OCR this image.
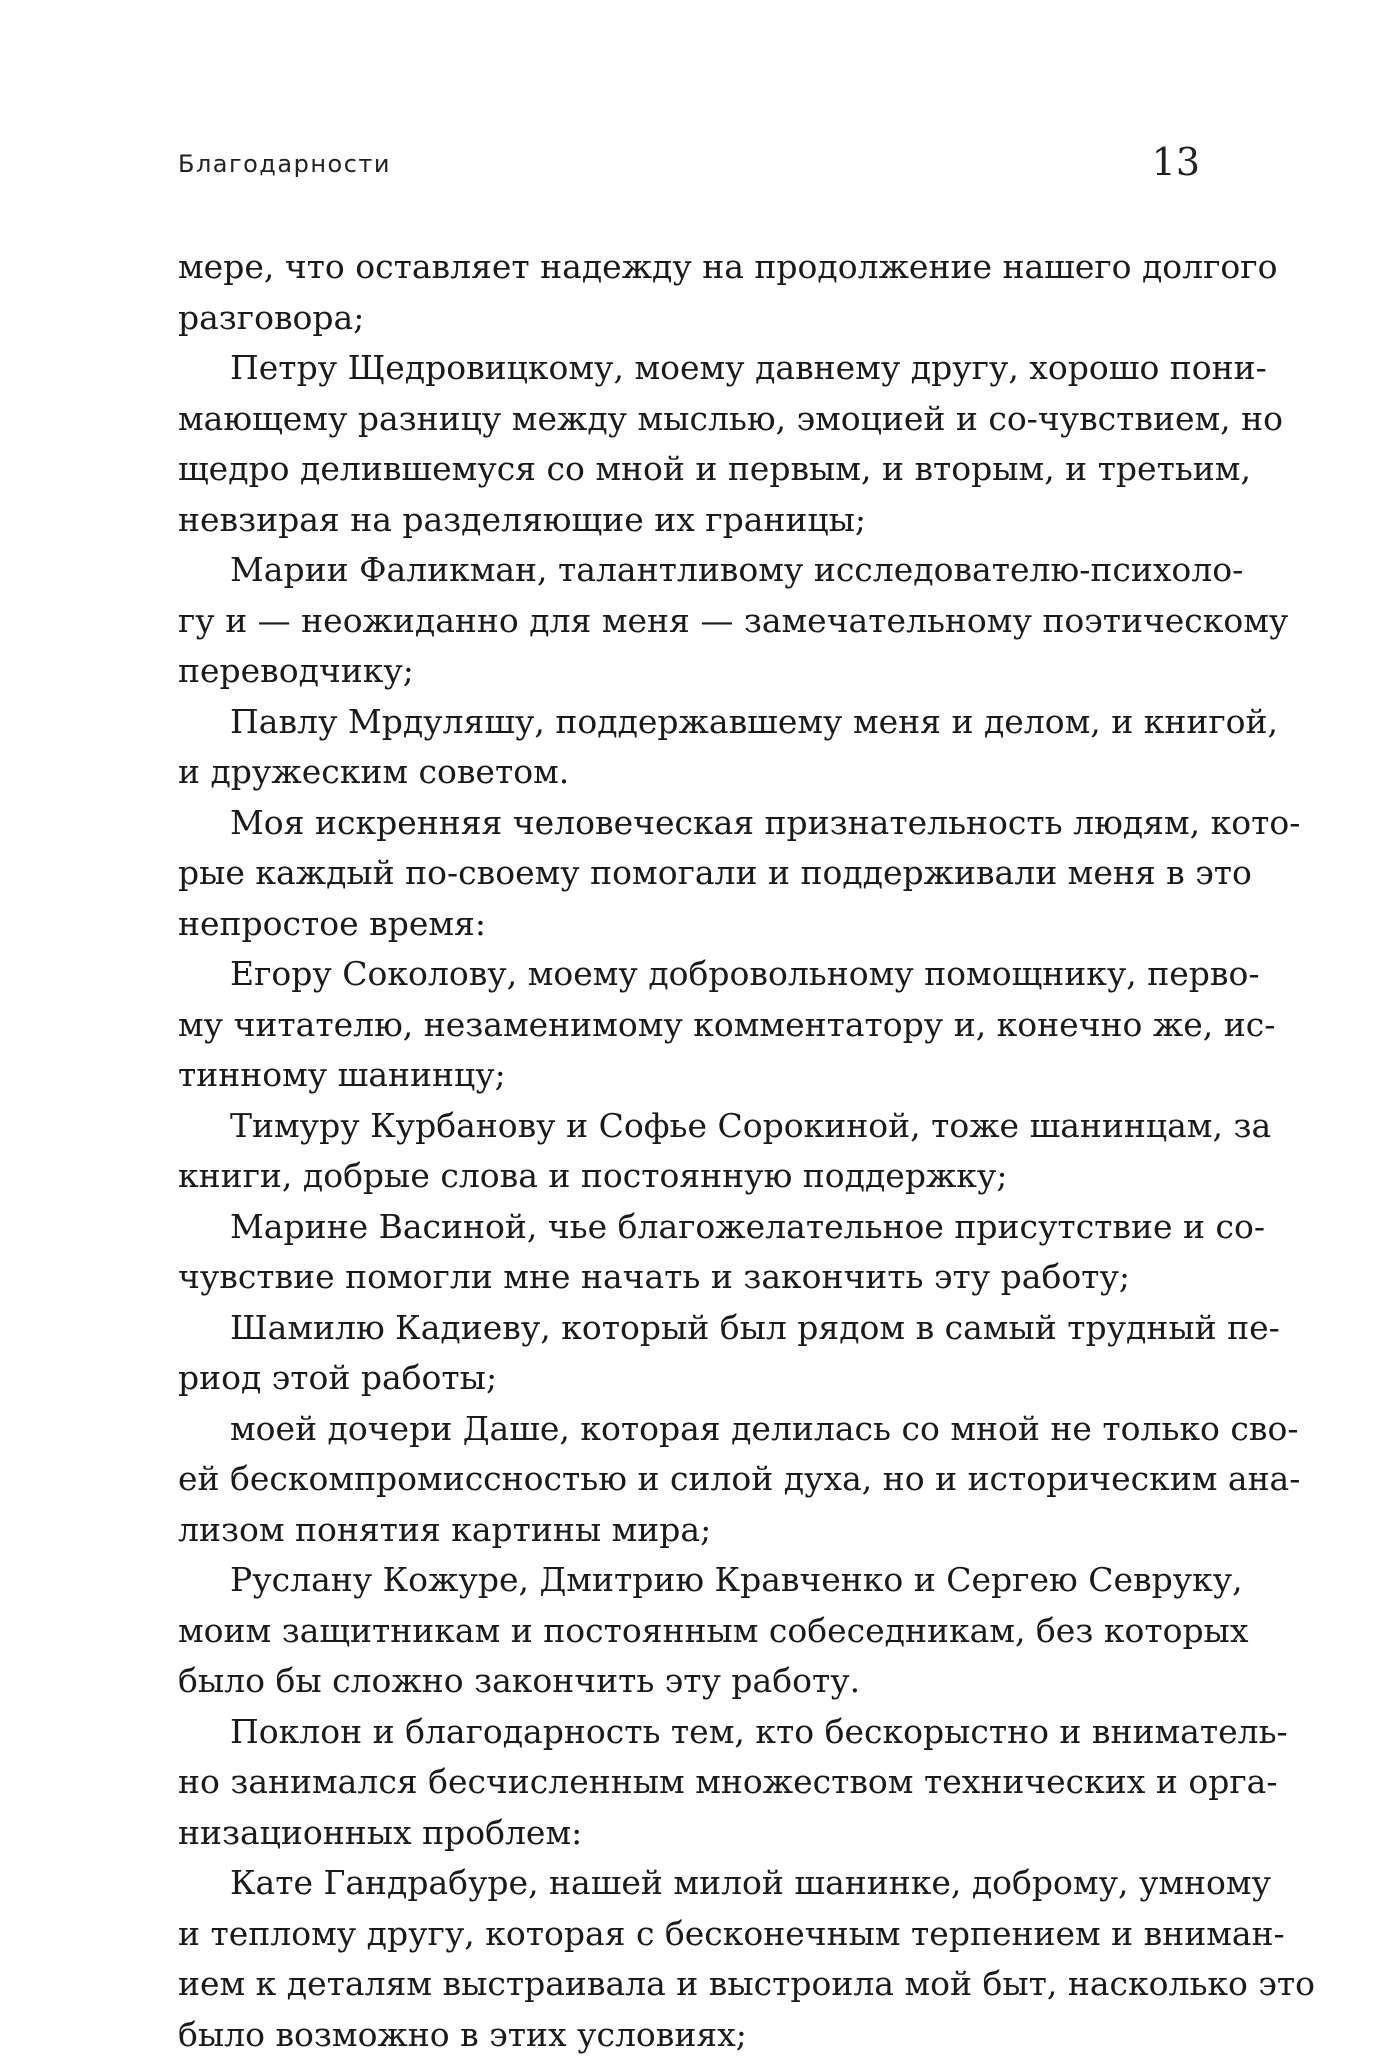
Благодарности	13
мере, что оставляет надежду на продолжение нашего долгого
разговора;
Петру Щедровицкому, моему давнему другу, хорошо пони-
мающему разницу между мыслью, эмоцией и со-чувствием, но
щедро делившемуся со мной и первым, и вторым, и третьим,
невзирая на разделяющие их границы;
Марии Фаликман, талантливому исследователю-психоло-
гу и — неожиданно для меня — замечательному поэтическому
переводчику;
Павлу Мрдуляшу, поддержавшему меня и делом, и книгой,
и дружеским советом.
Моя искренняя человеческая признательность людям, кото-
рые каждый по-своему помогали и поддерживали меня в это
непростое время:
Егору Соколову, моему добровольному помощнику, перво-
му читателю, незаменимому комментатору и, конечно же, ис-
тинному шанинцу;
Тимуру Курбанову и Софье Сорокиной, тоже шанинцам, за
книги, добрые слова и постоянную поддержку;
Марине Васиной, чье благожелательное присутствие и со-
чувствие помогли мне начать и закончить эту работу;
Шамилю Кадиеву, который был рядом в самый трудный пе-
риод этой работы;
моей дочери Даше, которая делилась со мной не только сво-
ей бескомпромиссностью и силой духа, но и историческим ана-
лизом понятия картины мира;
Руслану Кожуре, Дмитрию Кравченко и Сергею Севруку,
моим защитникам и постоянным собеседникам, без которых
было бы сложно закончить эту работу.
Поклон и благодарность тем, кто бескорыстно и вниматель-
но занимался бесчисленным множеством технических и орга-
низационных проблем:
Кате Гандрабуре, нашей милой шанинке, доброму, умному
и теплому другу, которая с бесконечным терпением и вниман-
ием к деталям выстраивала и выстроила мой быт, насколько это
было возможно в этих условиях;
